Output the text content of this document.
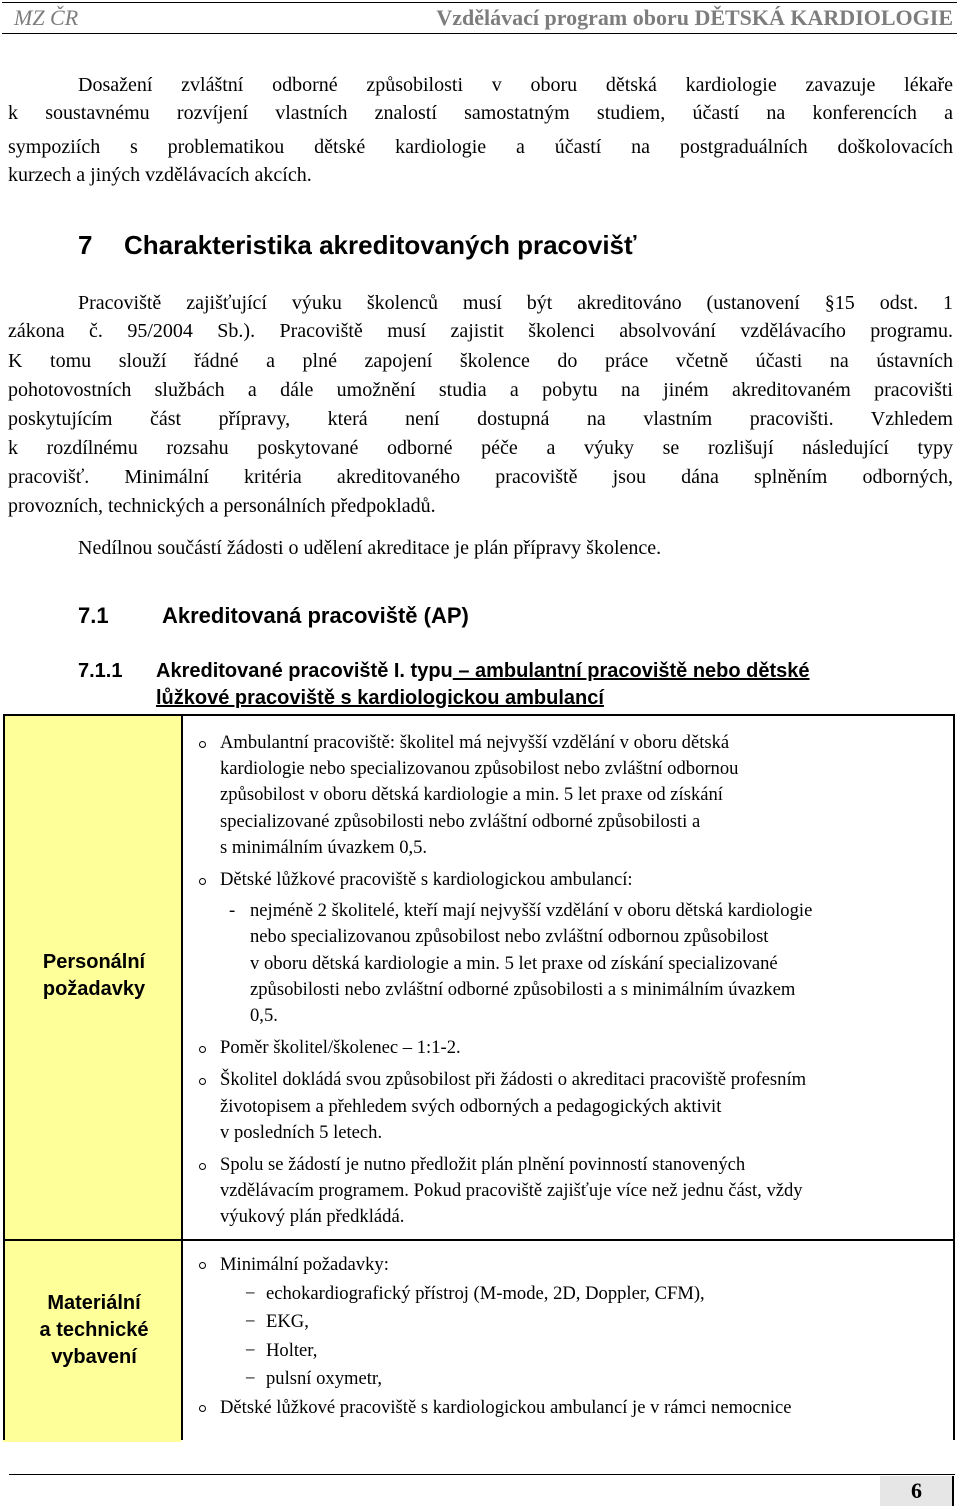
MZ ČR	Vzdělávací program oboru DĚTSKÁ KARDIOLOGIE

Dosažení zvláštní odborné způsobilosti v oboru dětská kardiologie zavazuje lékaře

k soustavnému rozvíjení vlastních znalostí samostatným studiem, účastí na konferencích a

sympoziích s problematikou dětské kardiologie a účastí na postgraduálních doškolovacích

kurzech a jiných vzdělávacích akcích.

7 Charakteristika akreditovaných pracovišť

Pracoviště zajišťující výuku školenců musí být akreditováno (ustanovení §15 odst. 1

zákona č. 95/2004 Sb.). Pracoviště musí zajistit školenci absolvování vzdělávacího programu.

K tomu slouží řádné a plné zapojení školence do práce včetně účasti na ústavních

pohotovostních službách a dále umožnění studia a pobytu na jiném akreditovaném pracovišti

poskytujícím část přípravy, která není dostupná na vlastním pracovišti. Vzhledem

k rozdílnému rozsahu poskytované odborné péče a výuky se rozlišují následující typy

pracovišť. Minimální kritéria akreditovaného pracoviště jsou dána splněním odborných,

provozních, technických a personálních předpokladů.

Nedílnou součástí žádosti o udělení akreditace je plán přípravy školence.

7.1 Akreditovaná pracoviště (AP)
7.1.1 Akreditované pracoviště I. typu – ambulantní pracoviště nebo dětské
lůžkové pracoviště s kardiologickou ambulancí
Personální
požadavky
Materiální
a technické
vybavení
Ambulantní pracoviště: školitel má nejvyšší vzdělání v oboru dětská
kardiologie nebo specializovanou způsobilost nebo zvláštní odbornou
způsobilost v oboru dětská kardiologie a min. 5 let praxe od získání
specializované způsobilosti nebo zvláštní odborné způsobilosti a
s minimálním úvazkem 0,5.
Dětské lůžkové pracoviště s kardiologickou ambulancí:
- nejméně 2 školitelé, kteří mají nejvyšší vzdělání v oboru dětská kardiologie
nebo specializovanou způsobilost nebo zvláštní odbornou způsobilost
v oboru dětská kardiologie a min. 5 let praxe od získání specializované
způsobilosti nebo zvláštní odborné způsobilosti a s minimálním úvazkem
0,5.
Poměr školitel/školenec – 1:1-2.
Školitel dokládá svou způsobilost při žádosti o akreditaci pracoviště profesním
životopisem a přehledem svých odborných a pedagogických aktivit
v posledních 5 letech.
Spolu se žádostí je nutno předložit plán plnění povinností stanovených
vzdělávacím programem. Pokud pracoviště zajišťuje více než jednu část, vždy
výukový plán předkládá.
Minimální požadavky:
− echokardiografický přístroj (M-mode, 2D, Doppler, CFM),
− EKG,
− Holter,
− pulsní oxymetr,
Dětské lůžkové pracoviště s kardiologickou ambulancí je v rámci nemocnice
6
